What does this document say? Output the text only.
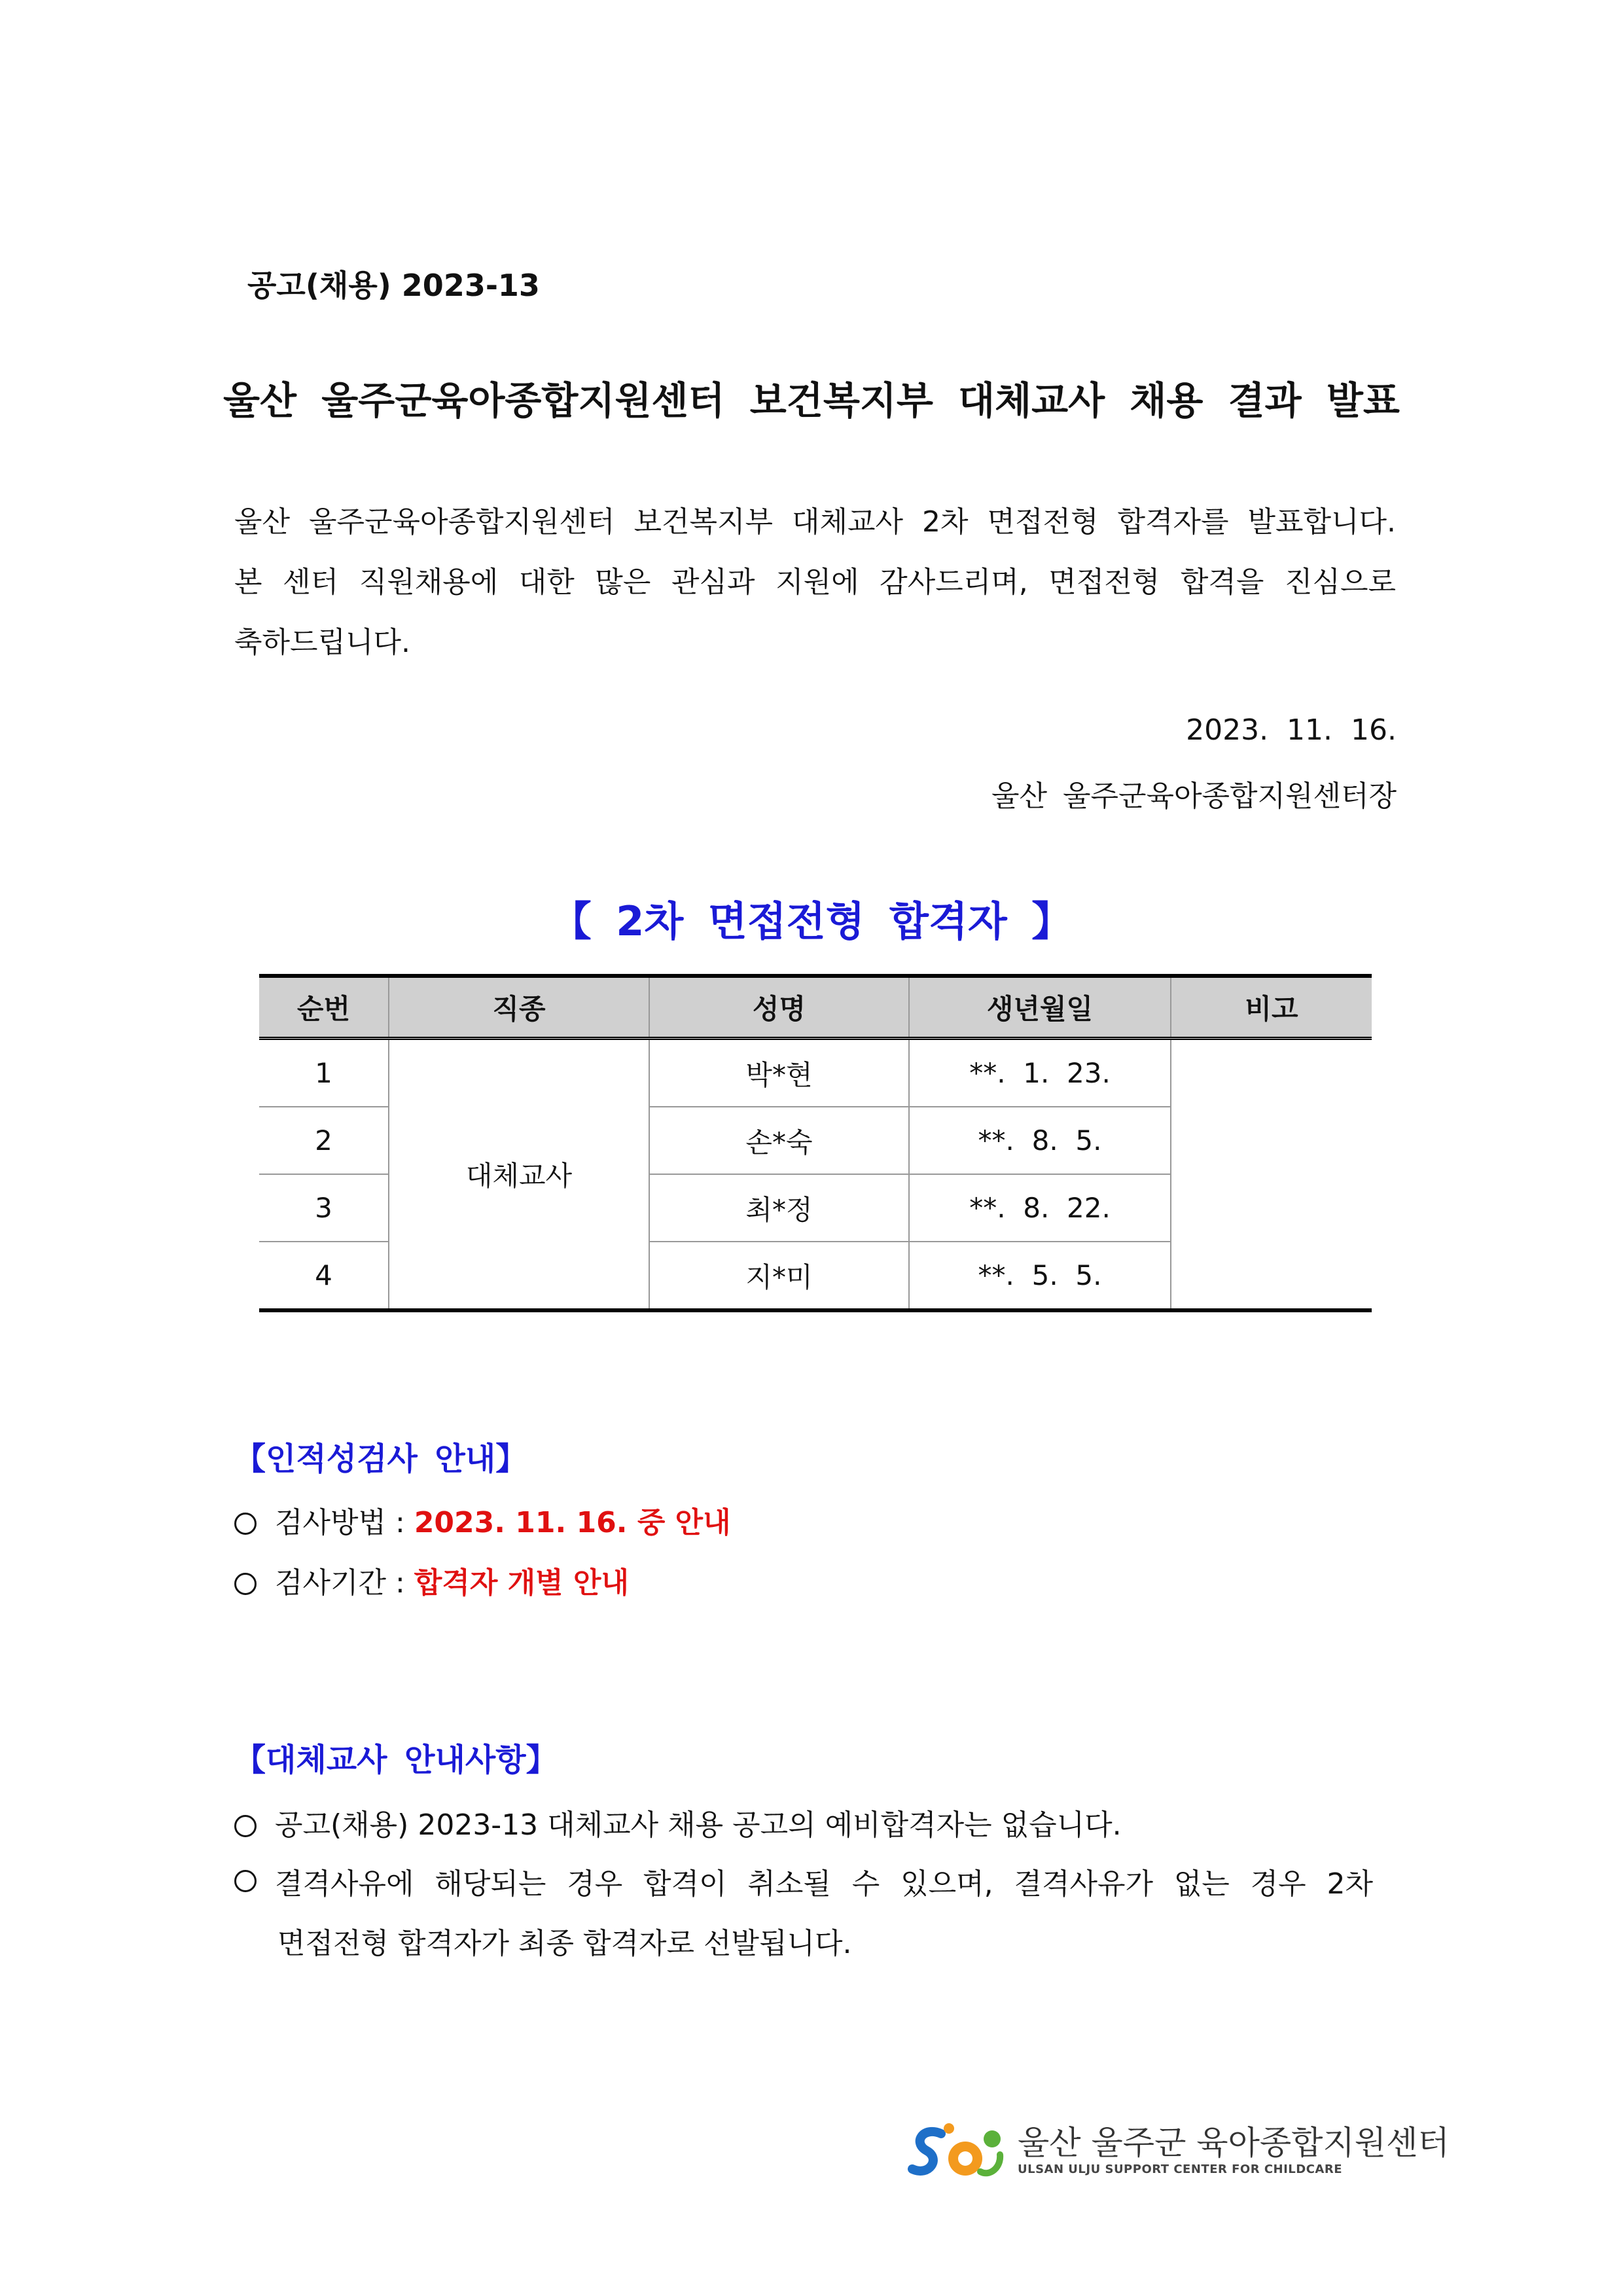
공고(채용) 2023-13
울산 울주군육아종합지원센터 보건복지부 대체교사 채용 결과 발표

울산 울주군육아종합지원센터 보건복지부 대체교사 2차 면접전형 합격자를 발표합니다.

본 센터 직원채용에 대한 많은 관심과 지원에 감사드리며, 면접전형 합격을 진심으로

축하드립니다.

2023. 11. 16.
울산 울주군육아종합지원센터장
【 2차 면접전형 합격자 】
순번	직종	성명	생년월일	비고
1	대체교사	박*현	**.  1.  23.	
2		손*숙	**.  8.  5.	
3		최*정	**.  8.  22.	
4		지*미	**.  5.  5.	
【인적성검사 안내】
검사방법 : 2023. 11. 16. 중 안내
검사기간 : 합격자 개별 안내
【대체교사 안내사항】
공고(채용) 2023-13 대체교사 채용 공고의 예비합격자는 없습니다.
결격사유에 해당되는 경우 합격이 취소될 수 있으며, 결격사유가 없는 경우 2차
면접전형 합격자가 최종 합격자로 선발됩니다.
울산 울주군 육아종합지원센터
ULSAN ULJU SUPPORT CENTER FOR CHILDCARE
